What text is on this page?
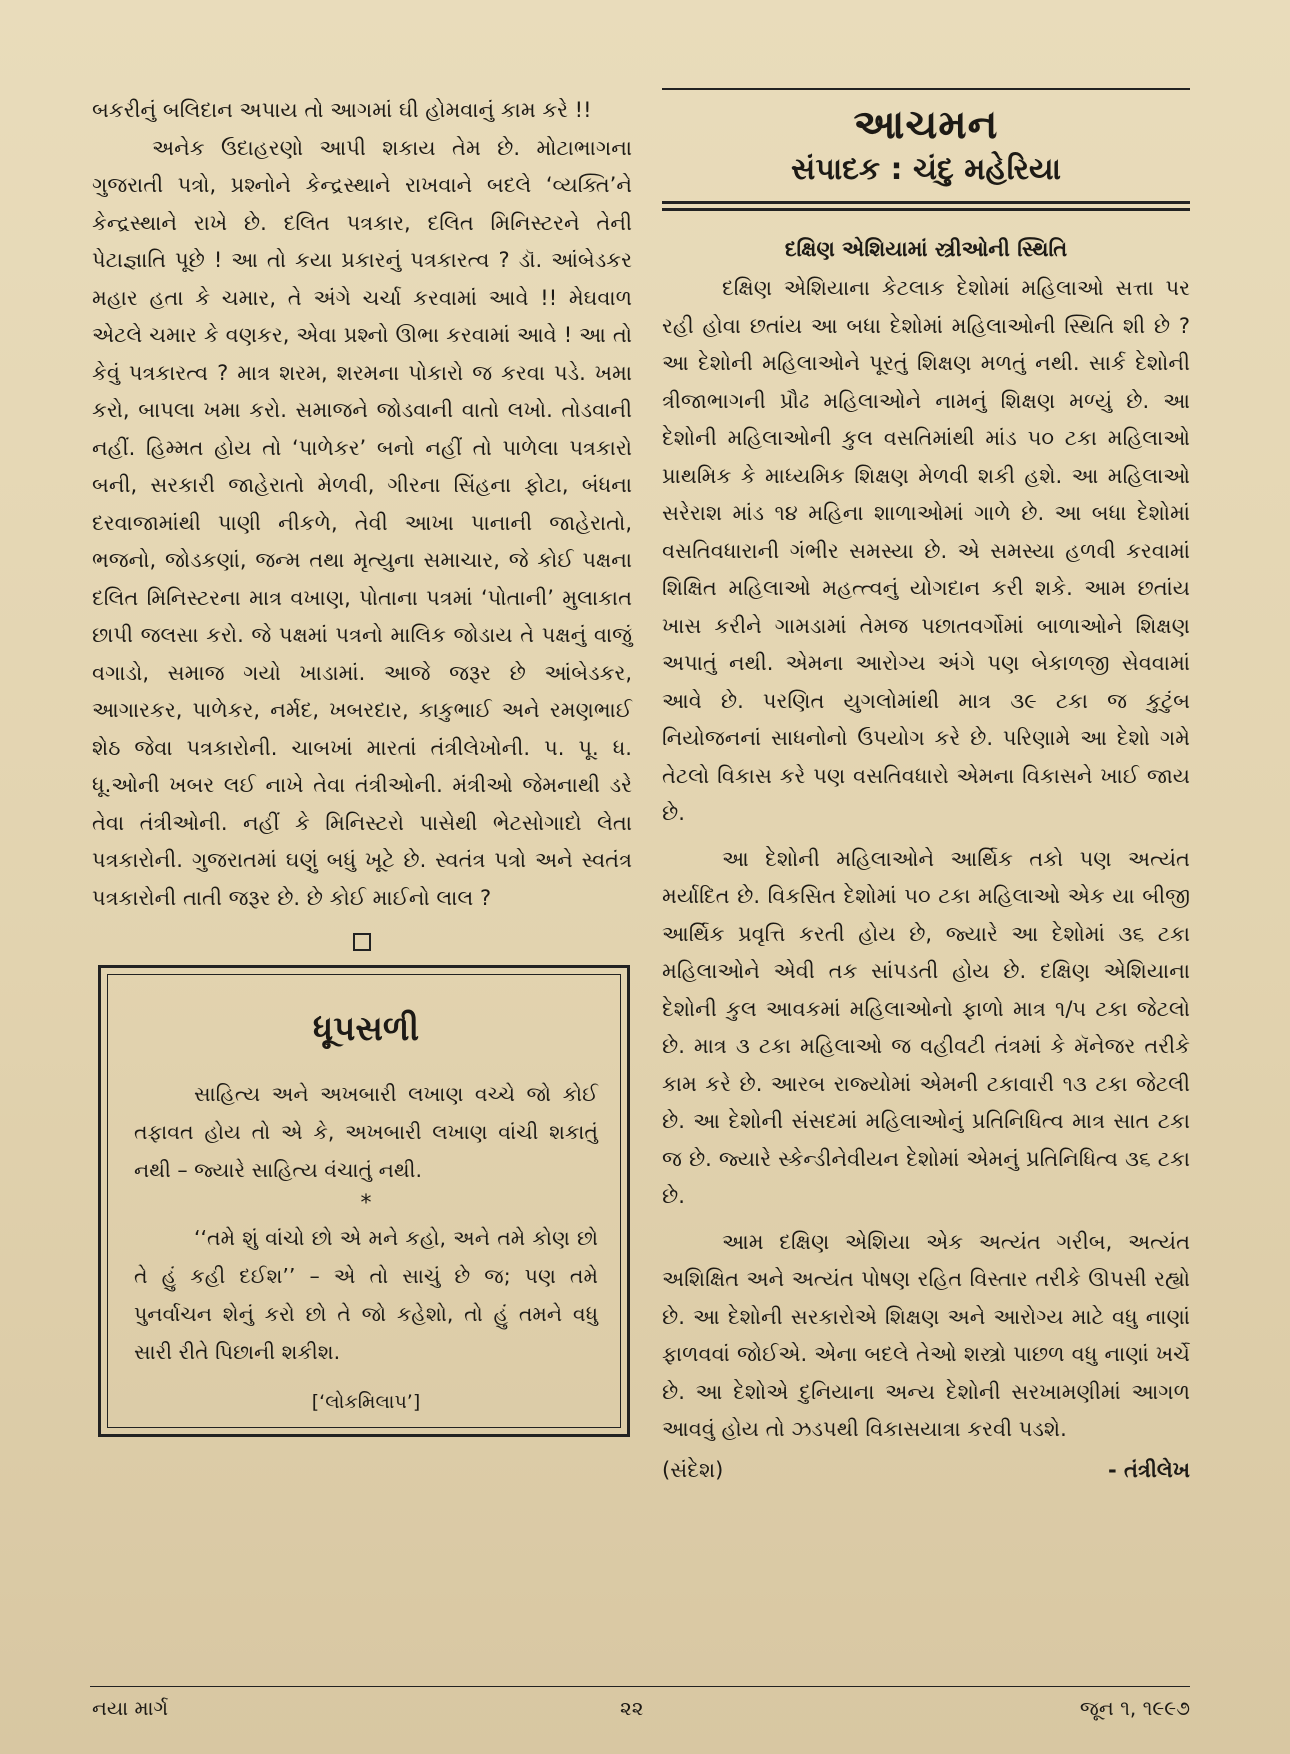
બકરીનું બલિદાન અપાય તો આગમાં ઘી હોમવાનું કામ કરે !!

અનેક ઉદાહરણો આપી શકાય તેમ છે. મોટાભાગના ગુજરાતી પત્રો, પ્રશ્નોને કેન્દ્રસ્થાને રાખવાને બદલે ‘વ્યક્તિ’ને કેન્દ્રસ્થાને રાખે છે. દલિત પત્રકાર, દલિત મિનિસ્ટરને તેની પેટાજ્ઞાતિ પૂછે ! આ તો કયા પ્રકારનું પત્રકારત્વ ? ડૉ. આંબેડકર મહાર હતા કે ચમાર, તે અંગે ચર્ચા કરવામાં આવે !! મેઘવાળ એટલે ચમાર કે વણકર, એવા પ્રશ્નો ઊભા કરવામાં આવે ! આ તો કેવું પત્રકારત્વ ? માત્ર શરમ, શરમના પોકારો જ કરવા પડે. ખમા કરો, બાપલા ખમા કરો. સમાજને જોડવાની વાતો લખો. તોડવાની નહીં. હિમ્મત હોય તો ‘પાળેકર’ બનો નહીં તો પાળેલા પત્રકારો બની, સરકારી જાહેરાતો મેળવી, ગીરના સિંહના ફોટા, બંધના દરવાજામાંથી પાણી નીકળે, તેવી આખા પાનાની જાહેરાતો, ભજનો, જોડકણાં, જન્મ તથા મૃત્યુના સમાચાર, જે કોઈ પક્ષના દલિત મિનિસ્ટરના માત્ર વખાણ, પોતાના પત્રમાં ‘પોતાની’ મુલાકાત છાપી જલસા કરો. જે પક્ષમાં પત્રનો માલિક જોડાય તે પક્ષનું વાજું વગાડો, સમાજ ગયો ખાડામાં. આજે જરૂર છે આંબેડકર, આગારકર, પાળેકર, નર્મદ, ખબરદાર, કાકુભાઈ અને રમણભાઈ શેઠ જેવા પત્રકારોની. ચાબખાં મારતાં તંત્રીલેખોની. પ. પૂ. ધ. ધૂ.ઓની ખબર લઈ નાખે તેવા તંત્રીઓની. મંત્રીઓ જેમનાથી ડરે તેવા તંત્રીઓની. નહીં કે મિનિસ્ટરો પાસેથી ભેટસોગાદો લેતા પત્રકારોની. ગુજરાતમાં ઘણું બધું ખૂટે છે. સ્વતંત્ર પત્રો અને સ્વતંત્ર પત્રકારોની તાતી જરૂર છે. છે કોઈ માઈનો લાલ ?

ધૂપસળી

સાહિત્ય અને અખબારી લખાણ વચ્ચે જો કોઈ તફાવત હોય તો એ કે, અખબારી લખાણ વાંચી શકાતું નથી – જ્યારે સાહિત્ય વંચાતું નથી.

*

‘‘તમે શું વાંચો છો એ મને કહો, અને તમે કોણ છો તે હું કહી દઈશ’’ – એ તો સાચું છે જ; પણ તમે પુનર્વાચન શેનું કરો છો તે જો કહેશો, તો હું તમને વધુ સારી રીતે પિછાની શકીશ.

[‘લોકમિલાપ’]
આચમન
સંપાદક : ચંદુ મહેરિયા
દક્ષિણ એશિયામાં સ્ત્રીઓની સ્થિતિ

દક્ષિણ એશિયાના કેટલાક દેશોમાં મહિલાઓ સત્તા પર રહી હોવા છતાંય આ બધા દેશોમાં મહિલાઓની સ્થિતિ શી છે ? આ દેશોની મહિલાઓને પૂરતું શિક્ષણ મળતું નથી. સાર્ક દેશોની ત્રીજાભાગની પ્રૌઢ મહિલાઓને નામનું શિક્ષણ મળ્યું છે. આ દેશોની મહિલાઓની કુલ વસતિમાંથી માંડ ૫૦ ટકા મહિલાઓ પ્રાથમિક કે માધ્યમિક શિક્ષણ મેળવી શકી હશે. આ મહિલાઓ સરેરાશ માંડ ૧૪ મહિના શાળાઓમાં ગાળે છે. આ બધા દેશોમાં વસતિવધારાની ગંભીર સમસ્યા છે. એ સમસ્યા હળવી કરવામાં શિક્ષિત મહિલાઓ મહત્ત્વનું યોગદાન કરી શકે. આમ છતાંય ખાસ કરીને ગામડામાં તેમજ પછાતવર્ગોમાં બાળાઓને શિક્ષણ અપાતું નથી. એમના આરોગ્ય અંગે પણ બેકાળજી સેવવામાં આવે છે. પરણિત યુગલોમાંથી માત્ર ૩૯ ટકા જ કુટુંબ નિયોજનનાં સાધનોનો ઉપયોગ કરે છે. પરિણામે આ દેશો ગમે તેટલો વિકાસ કરે પણ વસતિવધારો એમના વિકાસને ખાઈ જાય છે.

આ દેશોની મહિલાઓને આર્થિક તકો પણ અત્યંત મર્યાદિત છે. વિકસિત દેશોમાં ૫૦ ટકા મહિલાઓ એક યા બીજી આર્થિક પ્રવૃત્તિ કરતી હોય છે, જ્યારે આ દેશોમાં ૩૬ ટકા મહિલાઓને એવી તક સાંપડતી હોય છે. દક્ષિણ એશિયાના દેશોની કુલ આવકમાં મહિલાઓનો ફાળો માત્ર ૧/૫ ટકા જેટલો છે. માત્ર ૩ ટકા મહિલાઓ જ વહીવટી તંત્રમાં કે મૅનેજર તરીકે કામ કરે છે. આરબ રાજ્યોમાં એમની ટકાવારી ૧૩ ટકા જેટલી છે. આ દેશોની સંસદમાં મહિલાઓનું પ્રતિનિધિત્વ માત્ર સાત ટકા જ છે. જ્યારે સ્કેન્ડીનેવીયન દેશોમાં એમનું પ્રતિનિધિત્વ ૩૬ ટકા છે.

આમ દક્ષિણ એશિયા એક અત્યંત ગરીબ, અત્યંત અશિક્ષિત અને અત્યંત પોષણ રહિત વિસ્તાર તરીકે ઊપસી રહ્યો છે. આ દેશોની સરકારોએ શિક્ષણ અને આરોગ્ય માટે વધુ નાણાં ફાળવવાં જોઈએ. એના બદલે તેઓ શસ્ત્રો પાછળ વધુ નાણાં ખર્ચે છે. આ દેશોએ દુનિયાના અન્ય દેશોની સરખામણીમાં આગળ આવવું હોય તો ઝડપથી વિકાસયાત્રા કરવી પડશે.

(સંદેશ)	- તંત્રીલેખ
નયા માર્ગ	૨૨	જૂન ૧, ૧૯૯૭
